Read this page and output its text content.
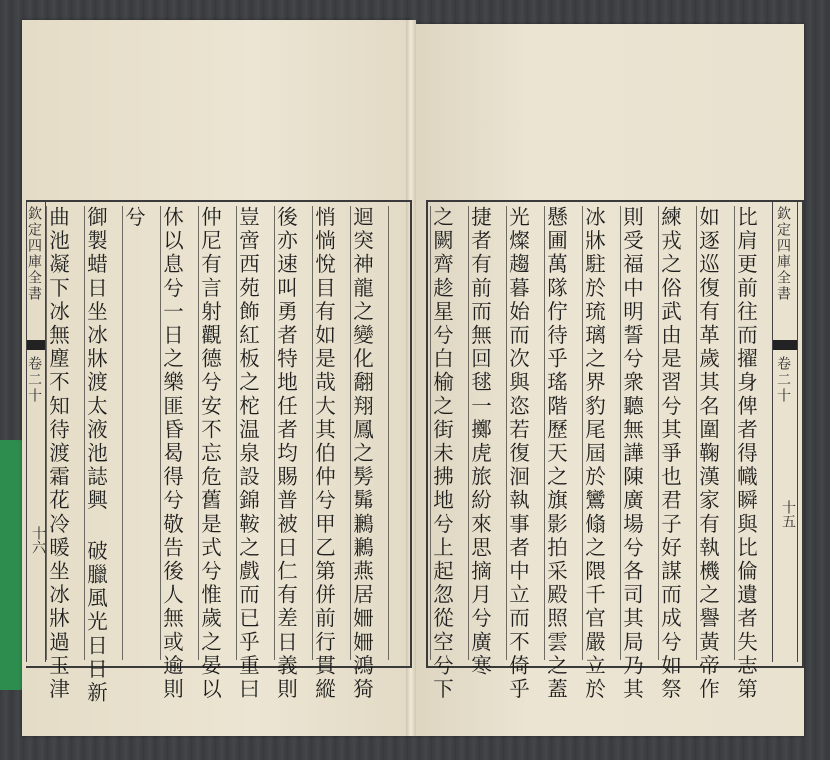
欽定四庫全書
卷二十
十六 曲池凝下冰無塵不知待渡霜花冷暖坐冰牀過玉津 御製蜡日坐冰牀渡太液池誌興 破臘風光日日新 兮 休以息兮一日之樂匪昏曷得兮敬告後人無或逾則 仲尼有言射觀德兮安不忘危舊是式兮惟歲之晏以 豈啻西苑飾紅板之柁温泉設錦鞍之戲而已乎重曰 後亦速叫勇者特地任者均賜普被日仁有差日義則 悄惝悅目有如是哉大其伯仲兮甲乙第併前行貫縱 迴突神龍之變化䎗翔鳳之髣髴鶼鶼燕居姍姍鴻猗	之闕齊趁星兮白榆之街未拂地兮上起忽從空兮下 捷者有前而無回毬一擲虎旅紛來思摘月兮廣寒 光燦趨暮始而次與恣若復洄執事者中立而不倚乎 懸圃萬隊佇待乎瑤階歷天之旗影拍采殿照雲之蓋 冰牀駐於琉璃之界豹尾屆於鸞翛之隈千官嚴立於 則受福中明誓兮衆聽無譁陳廣場兮各司其局乃其 練戎之俗武由是習兮其爭也君子好謀而成兮如祭 如逐巡復有革歲其名圍鞠漢家有執機之譽黃帝作 比肩更前往而擢身俾者得幟瞬與比倫遺者失志第 欽定四庫全書
卷二十
十五
